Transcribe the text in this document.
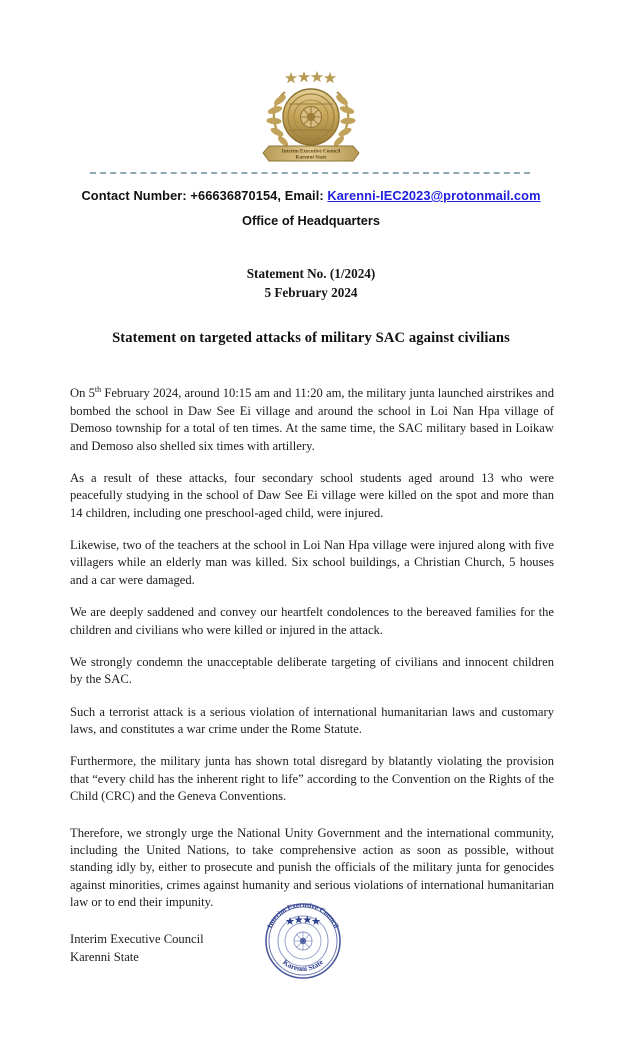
Interim Executive Council
Karenni State
Contact Number: +66636870154, Email: Karenni-IEC2023@protonmail.com
Office of Headquarters
Statement No. (1/2024)
5 February 2024
Statement on targeted attacks of military SAC against civilians

On 5th February 2024, around 10:15 am and 11:20 am, the military junta launched airstrikes and bombed the school in Daw See Ei village and around the school in Loi Nan Hpa village of Demoso township for a total of ten times. At the same time, the SAC military based in Loikaw and Demoso also shelled six times with artillery.

As a result of these attacks, four secondary school students aged around 13 who were peacefully studying in the school of Daw See Ei village were killed on the spot and more than 14 children, including one preschool-aged child, were injured.

Likewise, two of the teachers at the school in Loi Nan Hpa village were injured along with five villagers while an elderly man was killed. Six school buildings, a Christian Church, 5 houses and a car were damaged.

We are deeply saddened and convey our heartfelt condolences to the bereaved families for the children and civilians who were killed or injured in the attack.

We strongly condemn the unacceptable deliberate targeting of civilians and innocent children by the SAC.

Such a terrorist attack is a serious violation of international humanitarian laws and customary laws, and constitutes a war crime under the Rome Statute.

Furthermore, the military junta has shown total disregard by blatantly violating the provision that “every child has the inherent right to life” according to the Convention on the Rights of the Child (CRC) and the Geneva Conventions.

Therefore, we strongly urge the National Unity Government and the international community, including the United Nations, to take comprehensive action as soon as possible, without standing idly by, either to prosecute and punish the officials of the military junta for genocides against minorities, crimes against humanity and serious violations of international humanitarian law or to end their impunity.

Interim Executive Council
Karenni State
Interim Executive Council
Karenni State
